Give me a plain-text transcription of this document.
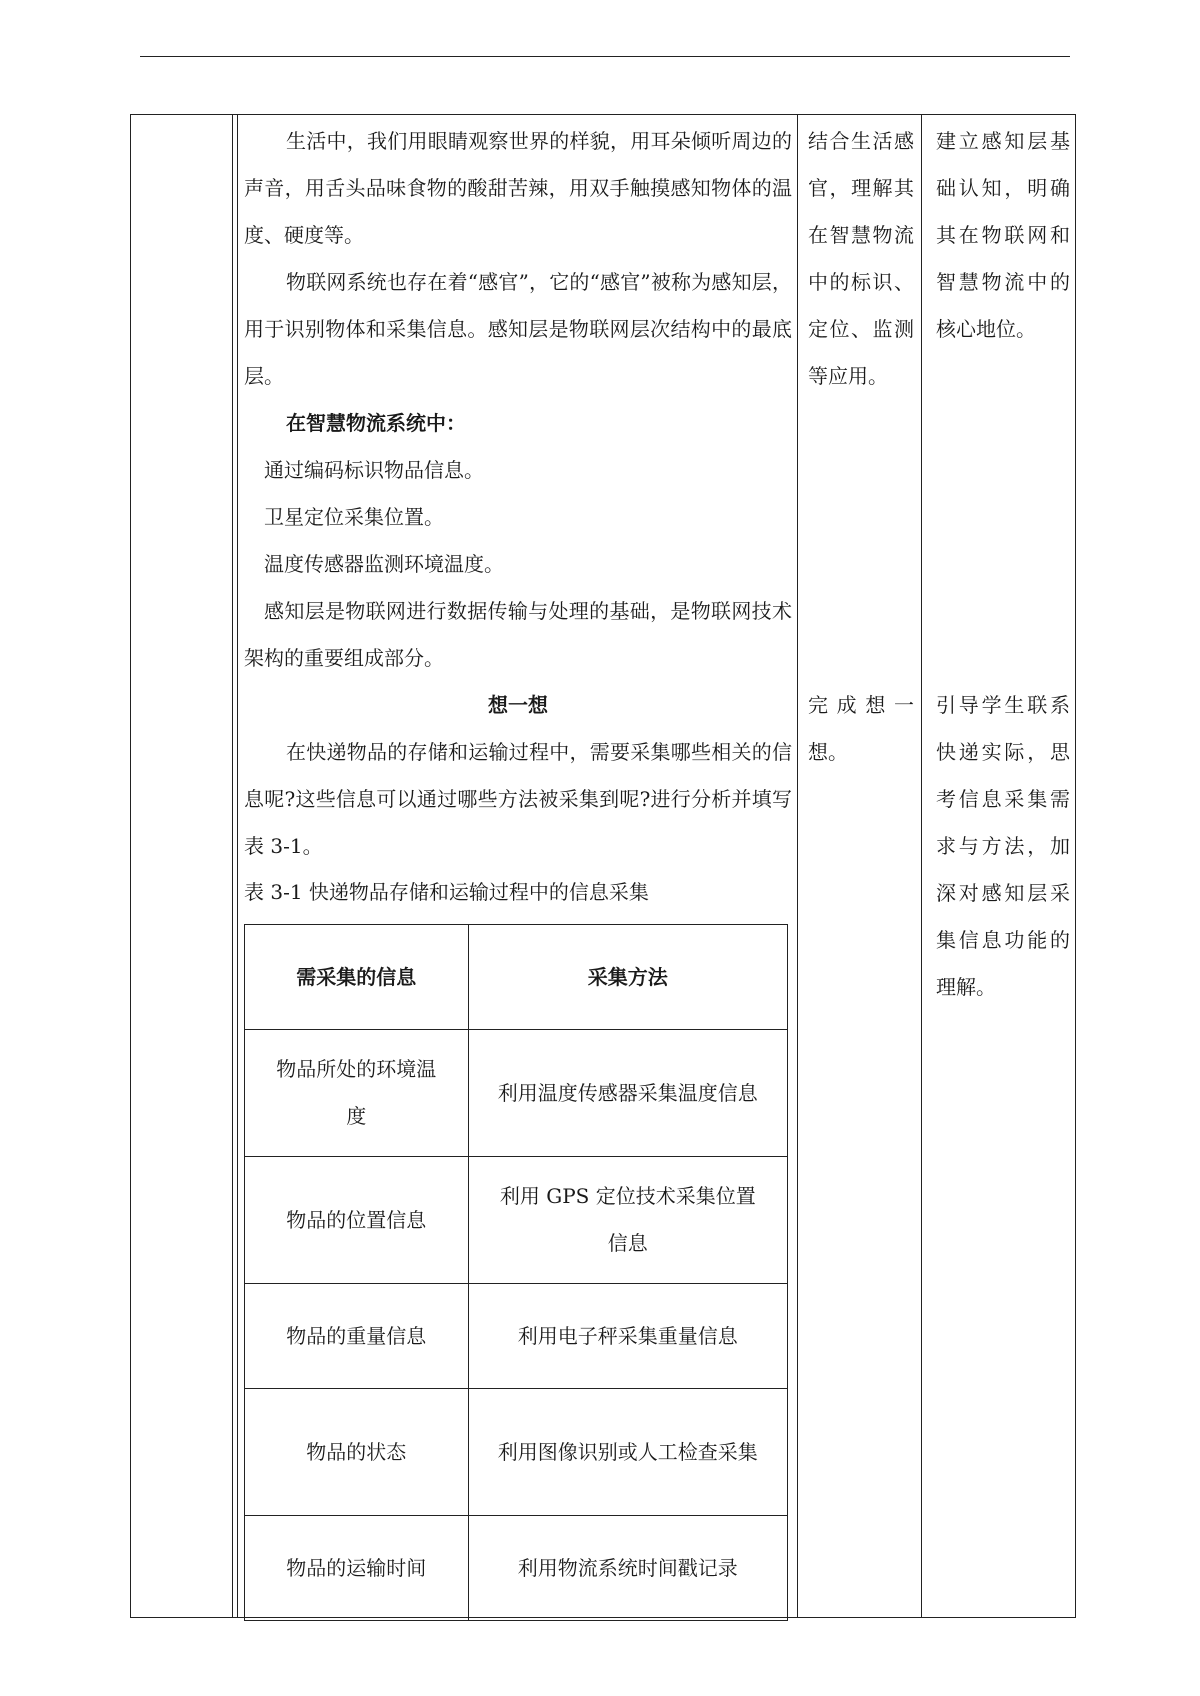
生活中，我们用眼睛观察世界的样貌，用耳朵倾听周边的声音，用舌头品味食物的酸甜苦辣，用双手触摸感知物体的温度、硬度等。

物联网系统也存在着“感官”，它的“感官”被称为感知层，用于识别物体和采集信息。感知层是物联网层次结构中的最底层。

在智慧物流系统中：

通过编码标识物品信息。

卫星定位采集位置。

温度传感器监测环境温度。

感知层是物联网进行数据传输与处理的基础，是物联网技术架构的重要组成部分。

想一想

在快递物品的存储和运输过程中，需要采集哪些相关的信息呢?这些信息可以通过哪些方法被采集到呢?进行分析并填写表 3-1。

表 3-1 快递物品存储和运输过程中的信息采集

需采集的信息	采集方法
物品所处的环境温度	利用温度传感器采集温度信息
物品的位置信息	利用 GPS 定位技术采集位置信息
物品的重量信息	利用电子秤采集重量信息
物品的状态	利用图像识别或人工检查采集
物品的运输时间	利用物流系统时间戳记录

结合生活感官，理解其在智慧物流中的标识、定位、监测等应用。

完成想一想。

建立感知层基础认知，明确其在物联网和智慧物流中的核心地位。

引导学生联系快递实际，思考信息采集需求与方法，加深对感知层采集信息功能的理解。
